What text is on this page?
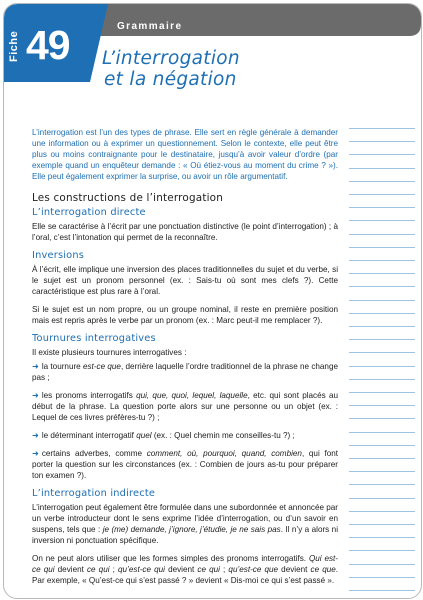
Fiche 49	Grammaire
L’interrogation
et la négation

L’interrogation est l’un des types de phrase. Elle sert en règle générale à demander une information ou à exprimer un questionnement. Selon le contexte, elle peut être plus ou moins contraignante pour le destinataire, jusqu’à avoir valeur d’ordre (par exemple quand un enquêteur demande : « Où étiez-vous au moment du crime ? »). Elle peut également exprimer la surprise, ou avoir un rôle argumentatif.

Les constructions de l’interrogation
L’interrogation directe

Elle se caractérise à l’écrit par une ponctuation distinctive (le point d’interrogation) ; à l’oral, c’est l’intonation qui permet de la reconnaître.

Inversions

À l’écrit, elle implique une inversion des places traditionnelles du sujet et du verbe, si le sujet est un pronom personnel (ex. : Sais-tu où sont mes clefs ?). Cette caractéristique est plus rare à l’oral.

Si le sujet est un nom propre, ou un groupe nominal, il reste en première position mais est repris après le verbe par un pronom (ex. : Marc peut-il me remplacer ?).

Tournures interrogatives

Il existe plusieurs tournures interrogatives :

➜ la tournure est-ce que, derrière laquelle l’ordre traditionnel de la phrase ne change pas ;

➜ les pronoms interrogatifs qui, que, quoi, lequel, laquelle, etc. qui sont placés au début de la phrase. La question porte alors sur une personne ou un objet (ex. : Lequel de ces livres préfères-tu ?) ;

➜ le déterminant interrogatif quel (ex. : Quel chemin me conseilles-tu ?) ;

➜ certains adverbes, comme comment, où, pourquoi, quand, combien, qui font porter la question sur les circonstances (ex. : Combien de jours as-tu pour préparer ton examen ?).

L’interrogation indirecte

L’interrogation peut également être formulée dans une subordonnée et annoncée par un verbe introducteur dont le sens exprime l’idée d’interrogation, ou d’un savoir en suspens, tels que : je (me) demande, j’ignore, j’étudie, je ne sais pas. Il n’y a alors ni inversion ni ponctuation spécifique.

On ne peut alors utiliser que les formes simples des pronoms interrogatifs. Qui est-ce qui devient ce qui ; qu’est-ce qui devient ce qui ; qu’est-ce que devient ce que. Par exemple, « Qu’est-ce qui s’est passé ? » devient « Dis-moi ce qui s’est passé ».
